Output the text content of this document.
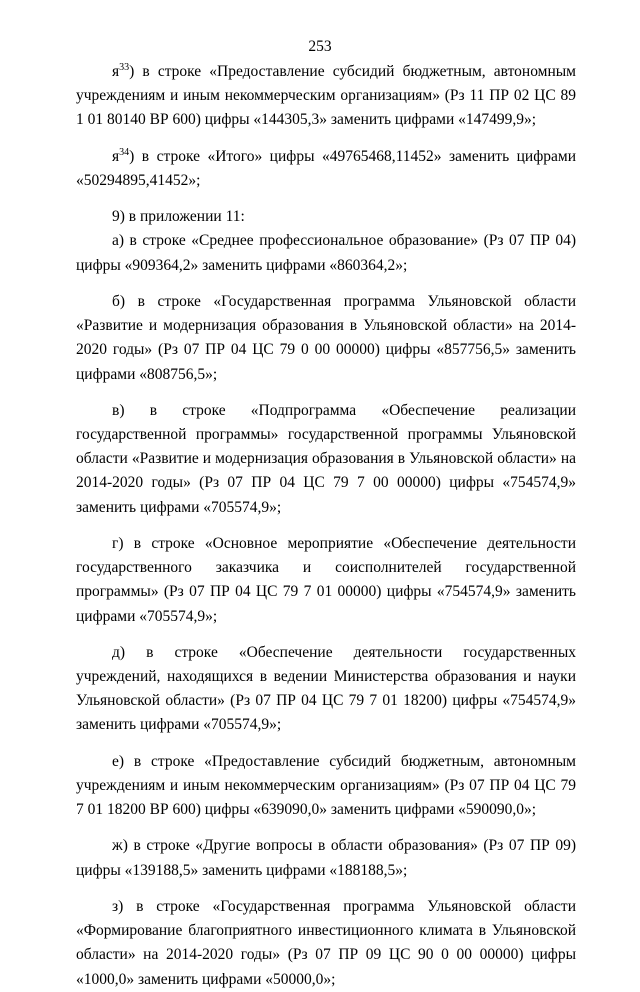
253

$я^{33}$) в строке «Предоставление субсидий бюджетным, автономным учреждениям и иным некоммерческим организациям» (Рз 11 ПР 02 ЦС 89 1 01 80140 ВР 600) цифры «144305,3» заменить цифрами «147499,9»;

$я^{34}$) в строке «Итого» цифры «49765468,11452» заменить цифрами «50294895,41452»;

9) в приложении 11:

а) в строке «Среднее профессиональное образование» (Рз 07 ПР 04) цифры «909364,2» заменить цифрами «860364,2»;

б) в строке «Государственная программа Ульяновской области «Развитие и модернизация образования в Ульяновской области» на 2014-2020 годы» (Рз 07 ПР 04 ЦС 79 0 00 00000) цифры «857756,5» заменить цифрами «808756,5»;

в) в строке «Подпрограмма «Обеспечение реализации государственной программы» государственной программы Ульяновской области «Развитие и модернизация образования в Ульяновской области» на 2014-2020 годы» (Рз 07 ПР 04 ЦС 79 7 00 00000) цифры «754574,9» заменить цифрами «705574,9»;

г) в строке «Основное мероприятие «Обеспечение деятельности государственного заказчика и соисполнителей государственной программы» (Рз 07 ПР 04 ЦС 79 7 01 00000) цифры «754574,9» заменить цифрами «705574,9»;

д) в строке «Обеспечение деятельности государственных учреждений, находящихся в ведении Министерства образования и науки Ульяновской области» (Рз 07 ПР 04 ЦС 79 7 01 18200) цифры «754574,9» заменить цифрами «705574,9»;

е) в строке «Предоставление субсидий бюджетным, автономным учреждениям и иным некоммерческим организациям» (Рз 07 ПР 04 ЦС 79 7 01 18200 ВР 600) цифры «639090,0» заменить цифрами «590090,0»;

ж) в строке «Другие вопросы в области образования» (Рз 07 ПР 09) цифры «139188,5» заменить цифрами «188188,5»;

з) в строке «Государственная программа Ульяновской области «Формирование благоприятного инвестиционного климата в Ульяновской области» на 2014-2020 годы» (Рз 07 ПР 09 ЦС 90 0 00 00000) цифры «1000,0» заменить цифрами «50000,0»;
